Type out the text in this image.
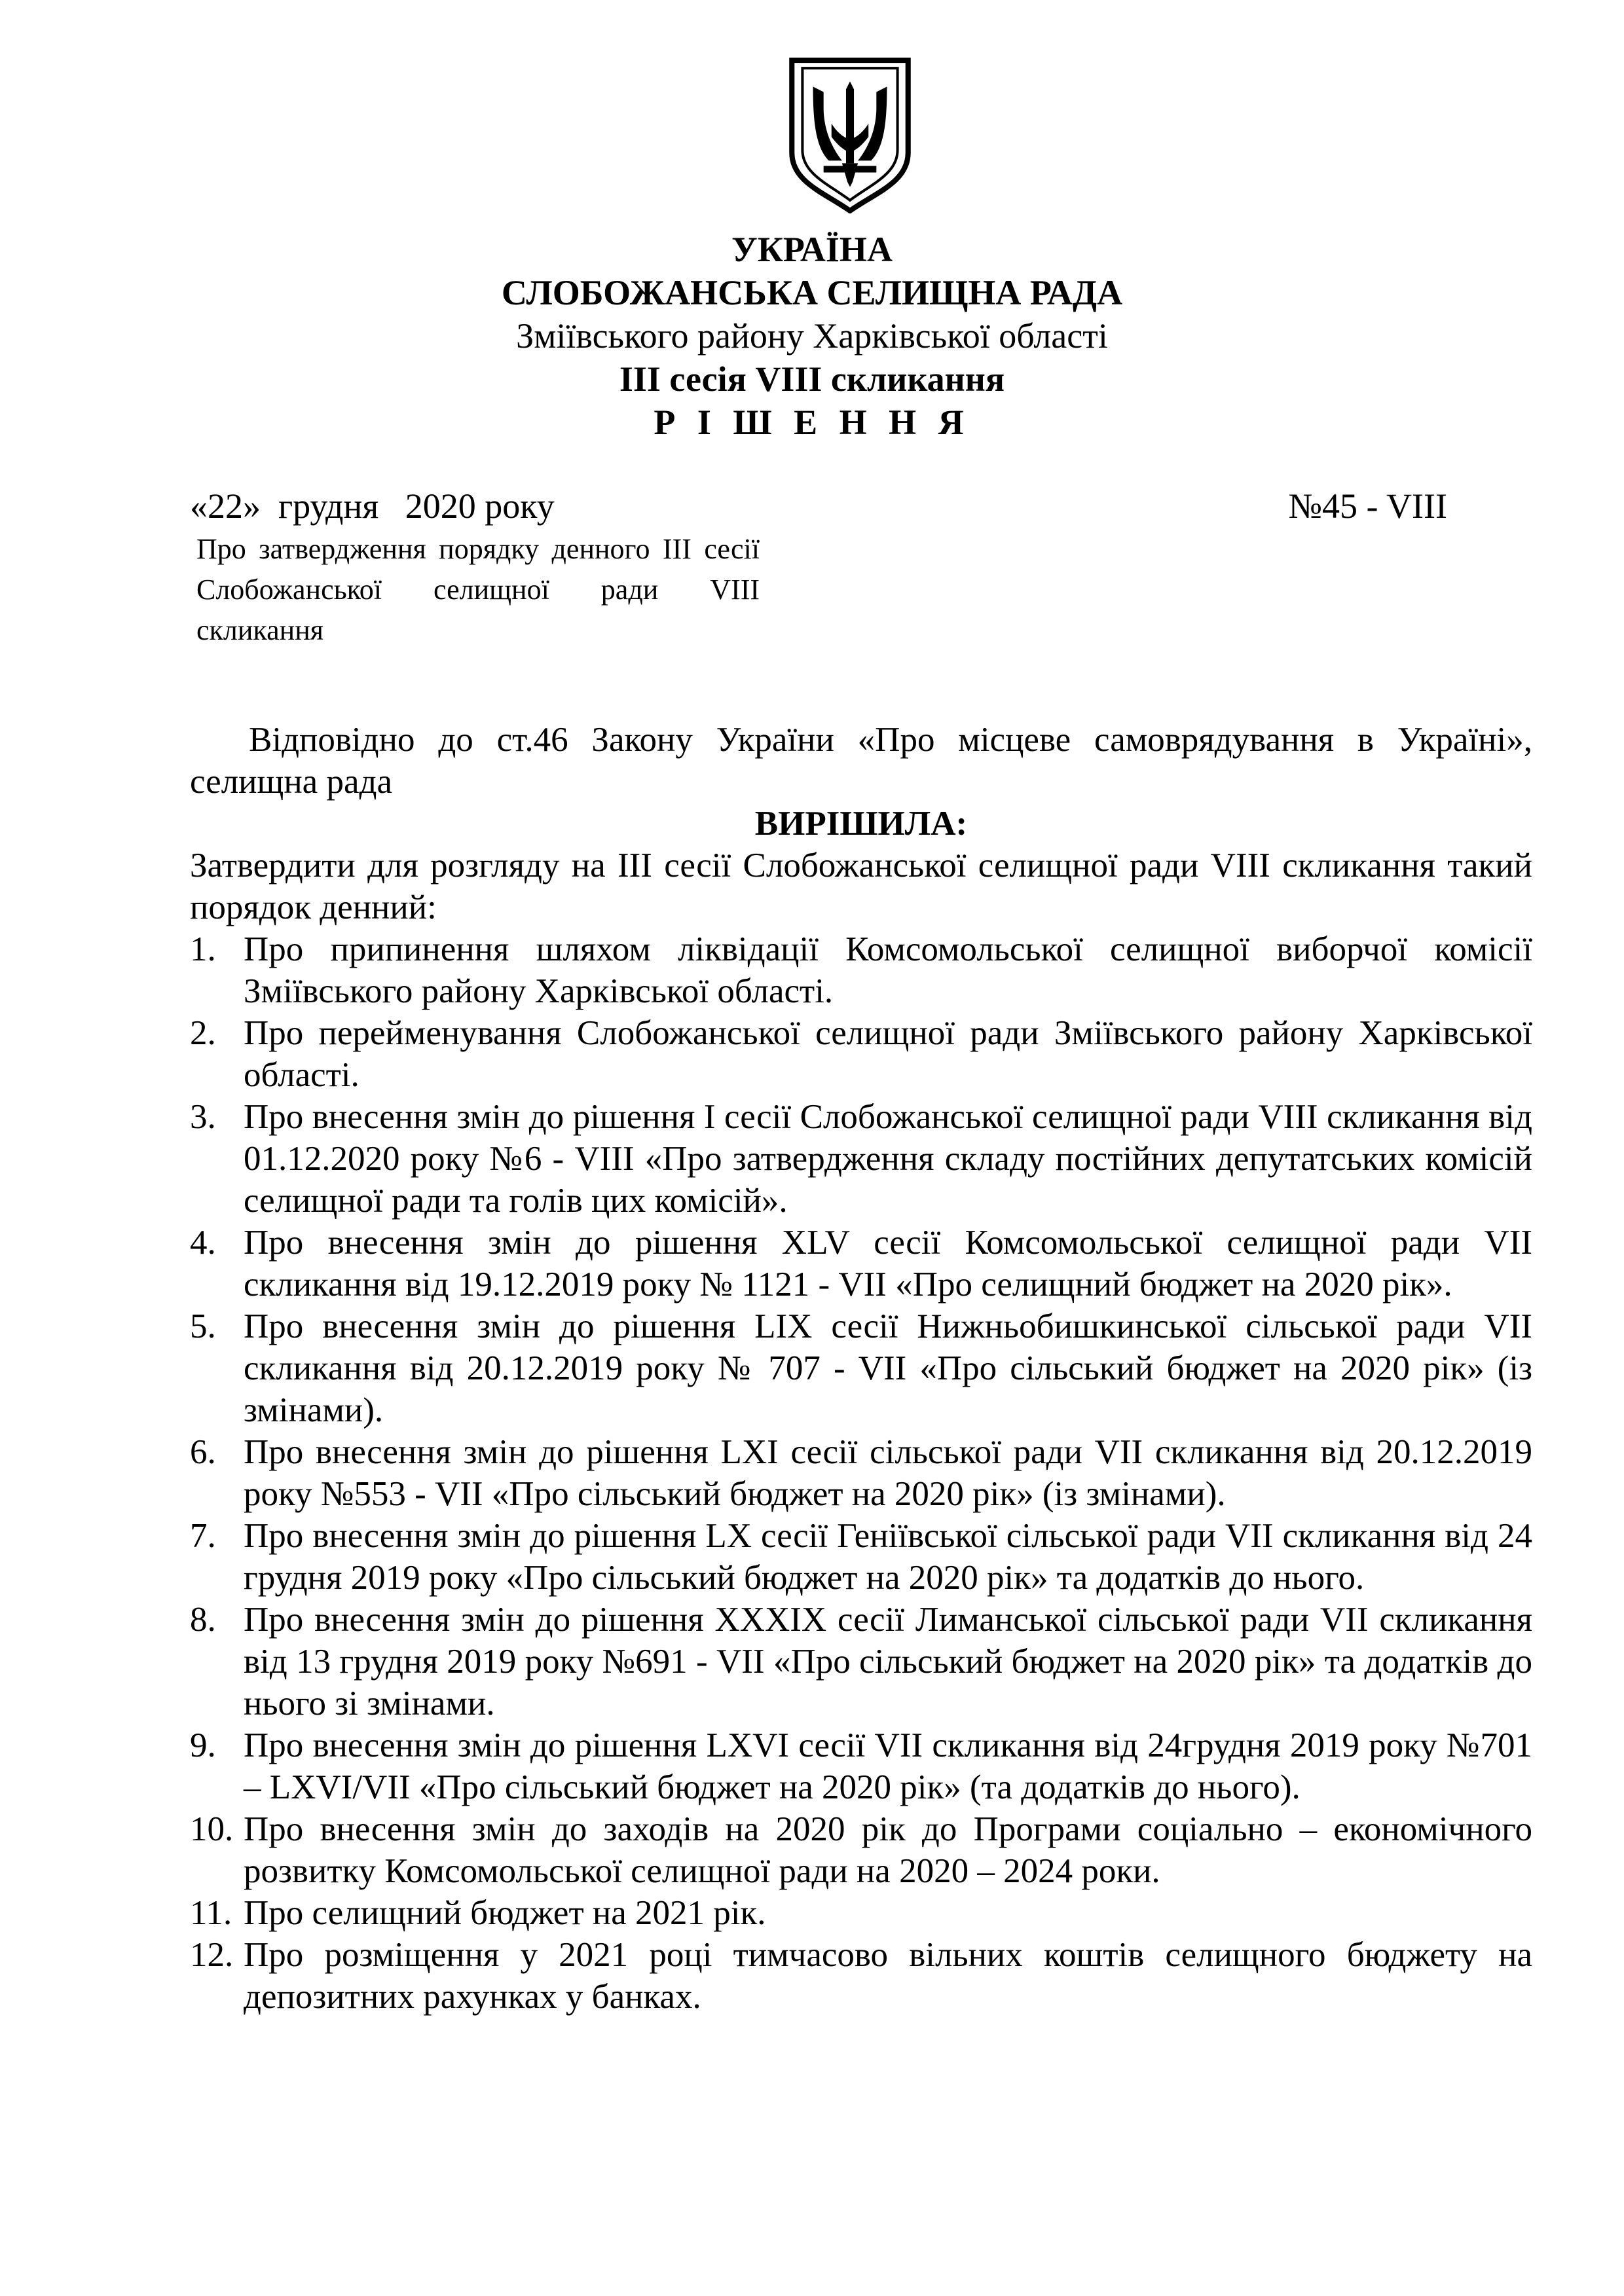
УКРАЇНА
СЛОБОЖАНСЬКА СЕЛИЩНА РАДА
Зміївського району Харківської області
III сесія VIII скликання
Р І Ш Е Н Н Я
«22»  грудня   2020 року	№45 - VIII
Про затвердження порядку денного III сесії Слобожанської селищної ради VIII скликання

Відповідно до ст.46 Закону України «Про місцеве самоврядування в Україні», селищна рада

ВИРІШИЛА:

Затвердити для розгляду на III сесії Слобожанської селищної ради VIII скликання такий порядок денний:

1. Про припинення шляхом ліквідації Комсомольської селищної виборчої комісії Зміївського району Харківської області.
2. Про перейменування Слобожанської селищної ради Зміївського району Харківської області.
3. Про внесення змін до рішення I сесії Слобожанської селищної ради VIII скликання від 01.12.2020 року №6 - VIII «Про затвердження складу постійних депутатських комісій селищної ради та голів цих комісій».
4. Про внесення змін до рішення XLV сесії Комсомольської селищної ради VII скликання від 19.12.2019 року № 1121 - VII «Про селищний бюджет на 2020 рік».
5. Про внесення змін до рішення LIX сесії Нижньобишкинської сільської ради VII скликання від 20.12.2019 року № 707 - VII «Про сільський бюджет на 2020 рік» (із змінами).
6. Про внесення змін до рішення LXI сесії сільської ради VII скликання від 20.12.2019 року №553 - VII «Про сільський бюджет на 2020 рік» (із змінами).
7. Про внесення змін до рішення LX сесії Геніївської сільської ради VII скликання від 24 грудня 2019 року «Про сільський бюджет на 2020 рік» та додатків до нього.
8. Про внесення змін до рішення XXXIX сесії Лиманської сільської ради VII скликання від 13 грудня 2019 року №691 - VII «Про сільський бюджет на 2020 рік» та додатків до нього зі змінами.
9. Про внесення змін до рішення LXVI сесії VII скликання від 24грудня 2019 року №701 – LXVI/VII «Про сільський бюджет на 2020 рік» (та додатків до нього).
10. Про внесення змін до заходів на 2020 рік до Програми соціально – економічного розвитку Комсомольської селищної ради на 2020 – 2024 роки.
11. Про селищний бюджет на 2021 рік.
12. Про розміщення у 2021 році тимчасово вільних коштів селищного бюджету на депозитних рахунках у банках.
